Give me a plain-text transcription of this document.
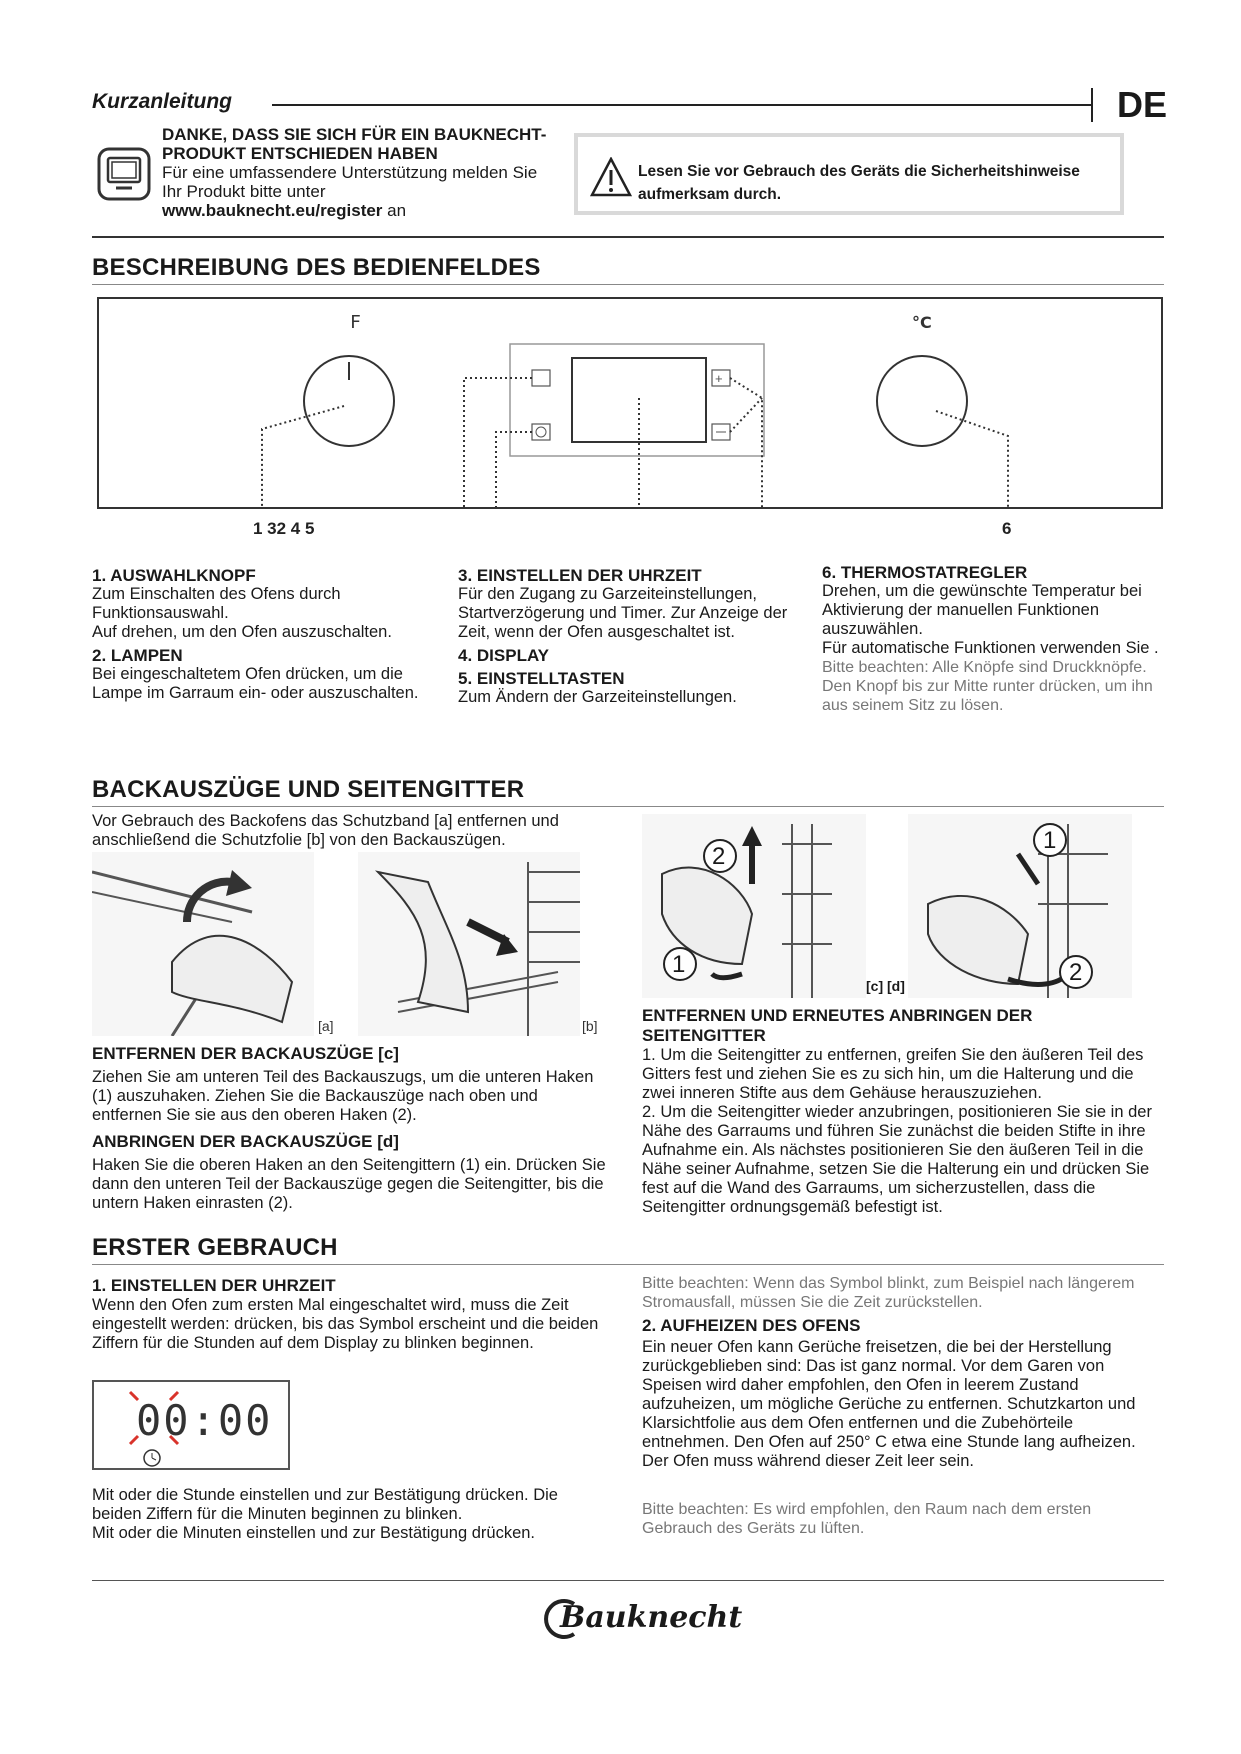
Kurzanleitung	DE
DANKE, DASS SIE SICH FÜR EIN BAUKNECHT-
PRODUKT ENTSCHIEDEN HABEN
Für eine umfassendere Unterstützung melden Sie
Ihr Produkt bitte unter
www.bauknecht.eu/register an
Lesen Sie vor Gebrauch des Geräts die Sicherheitshinweise
aufmerksam durch.
BESCHREIBUNG DES BEDIENFELDES
F
+
°C
1 32 4 5	6
1. AUSWAHLKNOPF

Zum Einschalten des Ofens durch Funktionsauswahl.

Auf drehen, um den Ofen auszuschalten.

2. LAMPEN

Bei eingeschaltetem Ofen drücken, um die Lampe im Garraum ein- oder auszuschalten.

3. EINSTELLEN DER UHRZEIT

Für den Zugang zu Garzeiteinstellungen, Startverzögerung und Timer. Zur Anzeige der Zeit, wenn der Ofen ausgeschaltet ist.

4. DISPLAY
5. EINSTELLTASTEN

Zum Ändern der Garzeiteinstellungen.

6. THERMOSTATREGLER

Drehen, um die gewünschte Temperatur bei Aktivierung der manuellen Funktionen auszuwählen.

Für automatische Funktionen verwenden Sie .

Bitte beachten: Alle Knöpfe sind Druckknöpfe. Den Knopf bis zur Mitte runter drücken, um ihn aus seinem Sitz zu lösen.

BACKAUSZÜGE UND SEITENGITTER
Vor Gebrauch des Backofens das Schutzband [a] entfernen und anschließend die Schutzfolie [b] von den Backauszügen.
[a]	[b]
ENTFERNEN DER BACKAUSZÜGE [c]
Ziehen Sie am unteren Teil des Backauszugs, um die unteren Haken (1) auszuhaken. Ziehen Sie die Backauszüge nach oben und entfernen Sie sie aus den oberen Haken (2).
ANBRINGEN DER BACKAUSZÜGE [d]
Haken Sie die oberen Haken an den Seitengittern (1) ein. Drücken Sie dann den unteren Teil der Backauszüge gegen die Seitengitter, bis die untern Haken einrasten (2).
2
1
1
2
[c] [d]
ENTFERNEN UND ERNEUTES ANBRINGEN DER
SEITENGITTER

1. Um die Seitengitter zu entfernen, greifen Sie den äußeren Teil des Gitters fest und ziehen Sie es zu sich hin, um die Halterung und die zwei inneren Stifte aus dem Gehäuse herauszuziehen.

2. Um die Seitengitter wieder anzubringen, positionieren Sie sie in der Nähe des Garraums und führen Sie zunächst die beiden Stifte in ihre Aufnahme ein. Als nächstes positionieren Sie den äußeren Teil in die Nähe seiner Aufnahme, setzen Sie die Halterung ein und drücken Sie fest auf die Wand des Garraums, um sicherzustellen, dass die Seitengitter ordnungsgemäß befestigt ist.

ERSTER GEBRAUCH
1. EINSTELLEN DER UHRZEIT
Wenn den Ofen zum ersten Mal eingeschaltet wird, muss die Zeit eingestellt werden: drücken, bis das Symbol erscheint und die beiden Ziffern für die Stunden auf dem Display zu blinken beginnen.
00:00

Mit oder die Stunde einstellen und zur Bestätigung drücken. Die beiden Ziffern für die Minuten beginnen zu blinken.

Mit oder die Minuten einstellen und zur Bestätigung drücken.

Bitte beachten: Wenn das Symbol blinkt, zum Beispiel nach längerem Stromausfall, müssen Sie die Zeit zurückstellen.
2. AUFHEIZEN DES OFENS
Ein neuer Ofen kann Gerüche freisetzen, die bei der Herstellung zurückgeblieben sind: Das ist ganz normal. Vor dem Garen von Speisen wird daher empfohlen, den Ofen in leerem Zustand aufzuheizen, um mögliche Gerüche zu entfernen. Schutzkarton und Klarsichtfolie aus dem Ofen entfernen und die Zubehörteile entnehmen. Den Ofen auf 250° C etwa eine Stunde lang aufheizen. Der Ofen muss während dieser Zeit leer sein.
Bitte beachten: Es wird empfohlen, den Raum nach dem ersten Gebrauch des Geräts zu lüften.
Bauknecht
